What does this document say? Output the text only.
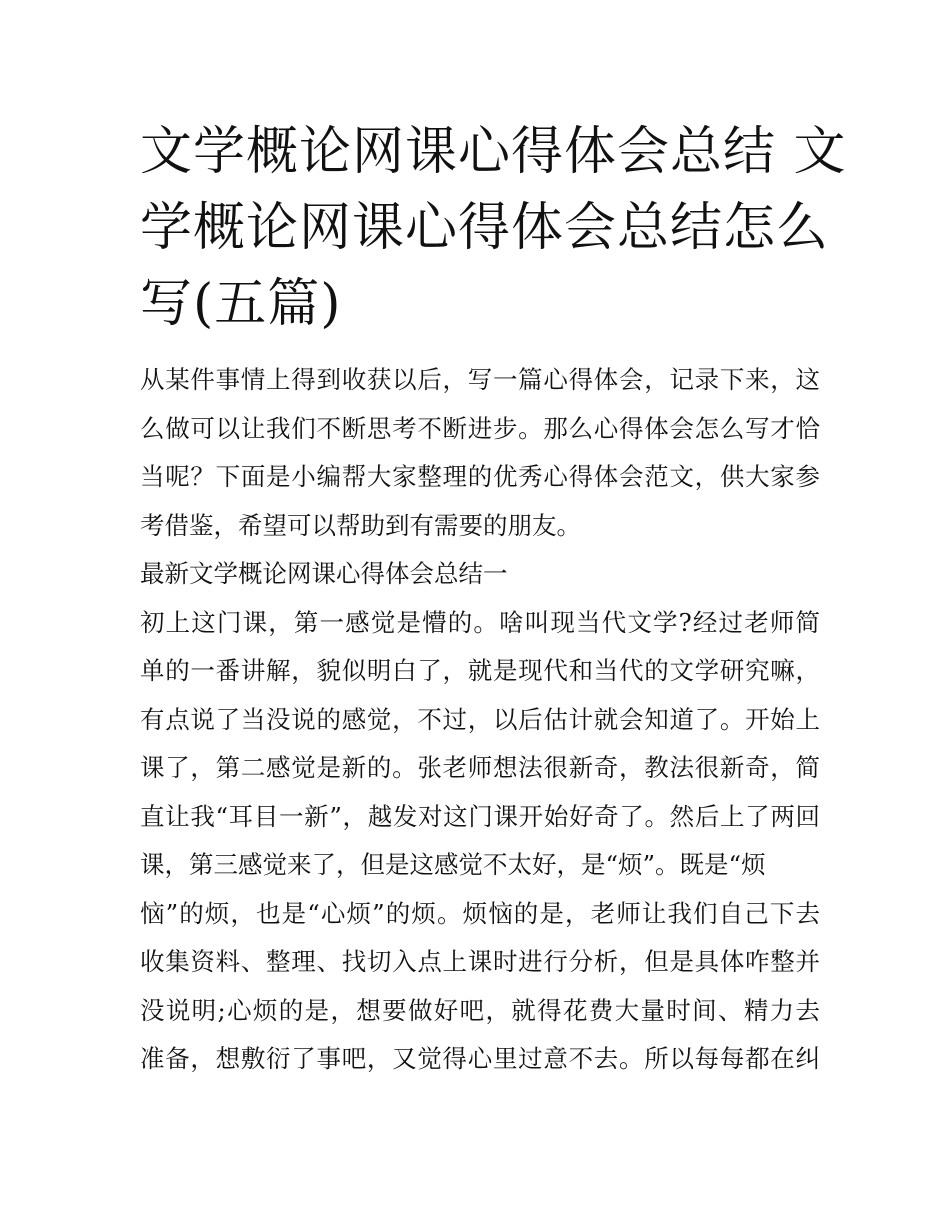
文学概论网课心得体会总结 文
学概论网课心得体会总结怎么
写(五篇)
从某件事情上得到收获以后，写一篇心得体会，记录下来，这
么做可以让我们不断思考不断进步。那么心得体会怎么写才恰
当呢？下面是小编帮大家整理的优秀心得体会范文，供大家参
考借鉴，希望可以帮助到有需要的朋友。
最新文学概论网课心得体会总结一
初上这门课，第一感觉是懵的。啥叫现当代文学?经过老师简
单的一番讲解，貌似明白了，就是现代和当代的文学研究嘛，
有点说了当没说的感觉，不过，以后估计就会知道了。开始上
课了，第二感觉是新的。张老师想法很新奇，教法很新奇，简
直让我“耳目一新”，越发对这门课开始好奇了。然后上了两回
课，第三感觉来了，但是这感觉不太好，是“烦”。既是“烦
恼”的烦，也是“心烦”的烦。烦恼的是，老师让我们自己下去
收集资料、整理、找切入点上课时进行分析，但是具体咋整并
没说明;心烦的是，想要做好吧，就得花费大量时间、精力去
准备，想敷衍了事吧，又觉得心里过意不去。所以每每都在纠
